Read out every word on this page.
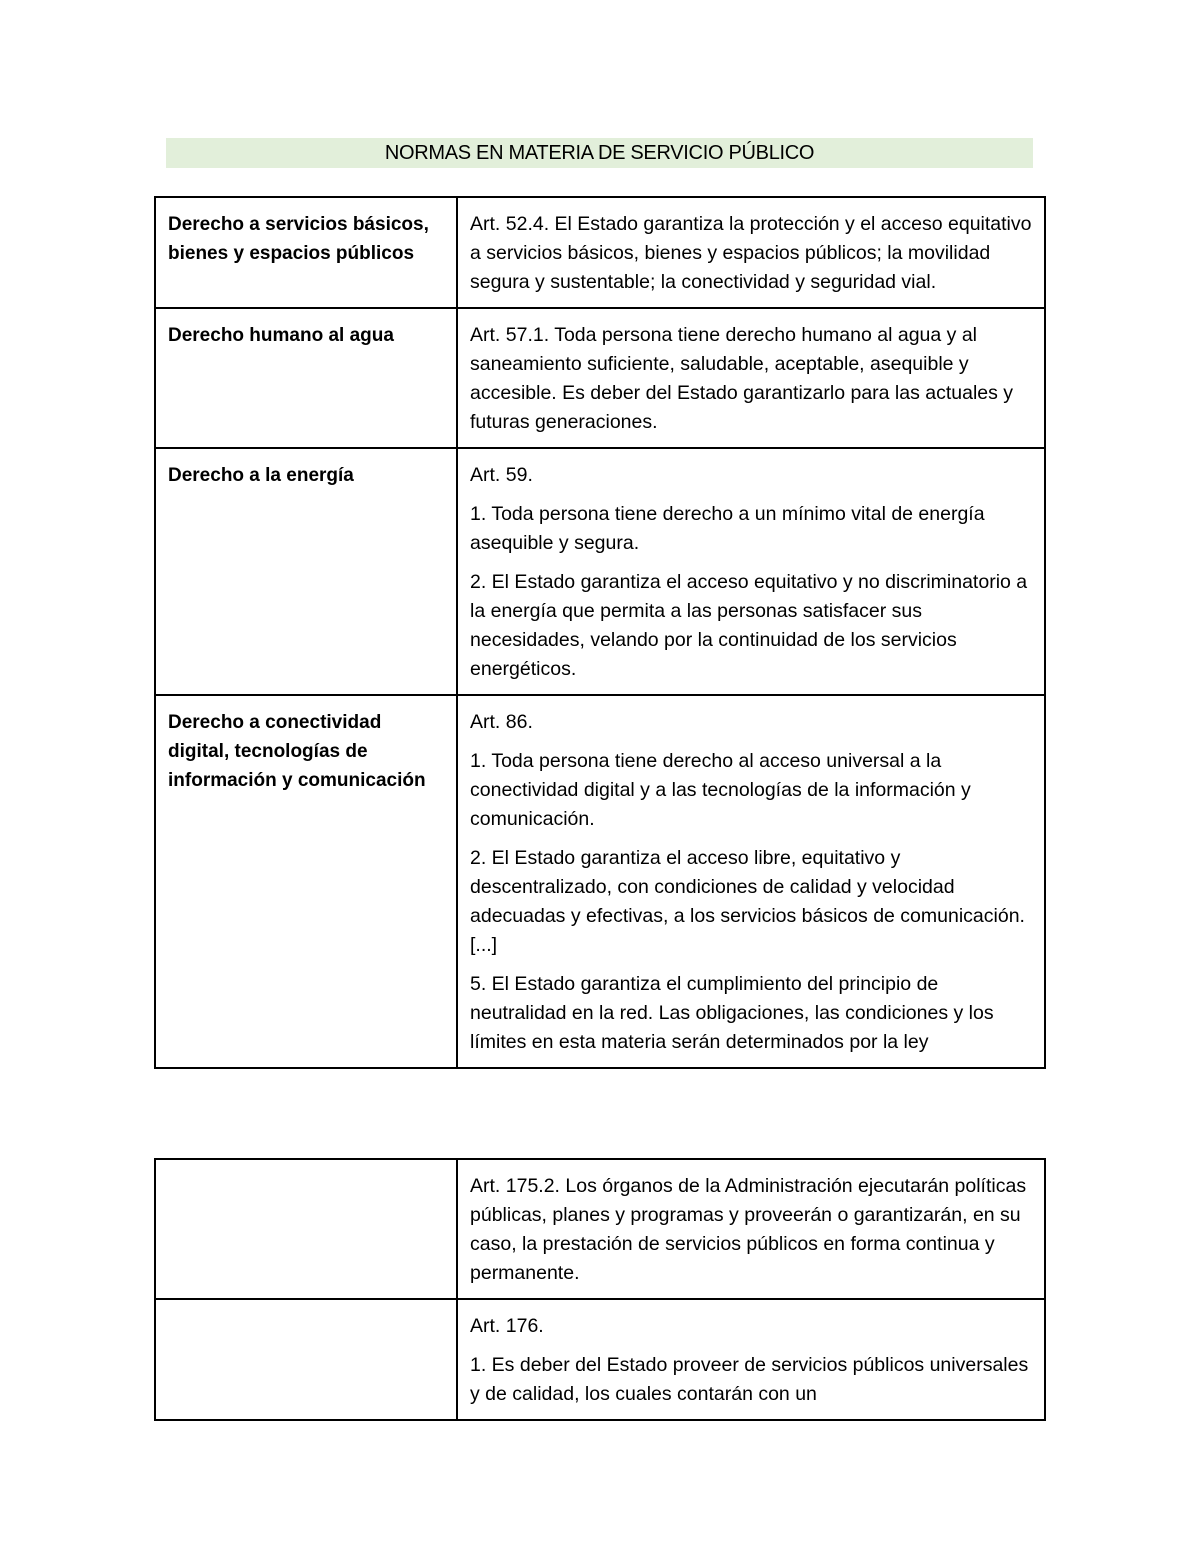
NORMAS EN MATERIA DE SERVICIO PÚBLICO
Derecho a servicios básicos, bienes y espacios públicos	Art. 52.4. El Estado garantiza la protección y el acceso equitativo a servicios básicos, bienes y espacios públicos; la movilidad segura y sustentable; la conectividad y seguridad vial.

Derecho humano al agua	Art. 57.1. Toda persona tiene derecho humano al agua y al saneamiento suficiente, saludable, aceptable, asequible y accesible. Es deber del Estado garantizarlo para las actuales y futuras generaciones.

Derecho a la energía	Art. 59.

1. Toda persona tiene derecho a un mínimo vital de energía asequible y segura.

2. El Estado garantiza el acceso equitativo y no discriminatorio a la energía que permita a las personas satisfacer sus necesidades, velando por la continuidad de los servicios energéticos.

Derecho a conectividad digital, tecnologías de información y comunicación	Art. 86.

1. Toda persona tiene derecho al acceso universal a la conectividad digital y a las tecnologías de la información y comunicación.

2. El Estado garantiza el acceso libre, equitativo y descentralizado, con condiciones de calidad y velocidad adecuadas y efectivas, a los servicios básicos de comunicación. [...]

5. El Estado garantiza el cumplimiento del principio de neutralidad en la red. Las obligaciones, las condiciones y los límites en esta materia serán determinados por la ley

	Art. 175.2. Los órganos de la Administración ejecutarán políticas públicas, planes y programas y proveerán o garantizarán, en su caso, la prestación de servicios públicos en forma continua y permanente.

	Art. 176.

1. Es deber del Estado proveer de servicios públicos universales y de calidad, los cuales contarán con un
